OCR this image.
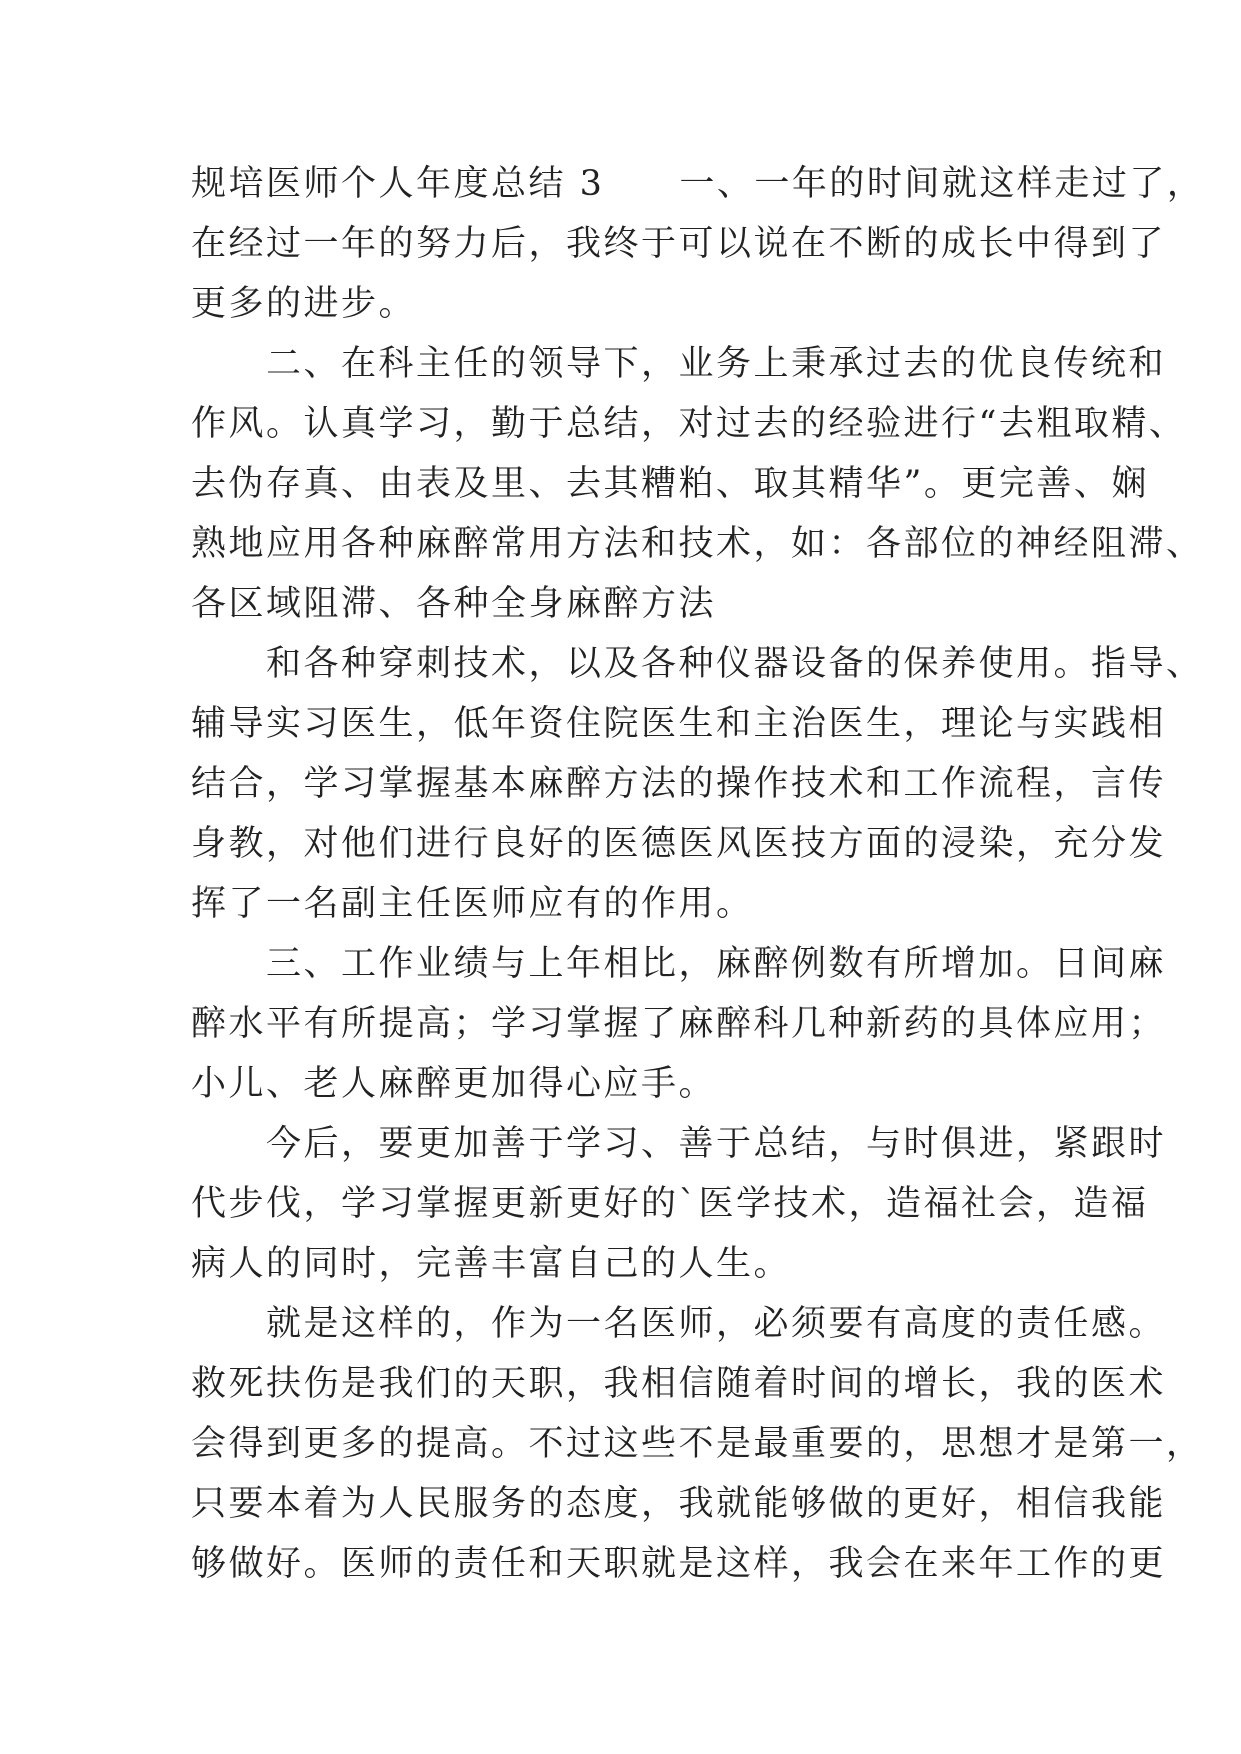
规培医师个人年度总结 3　　一、一年的时间就这样走过了，
在经过一年的努力后，我终于可以说在不断的成长中得到了
更多的进步。
　　二、在科主任的领导下，业务上秉承过去的优良传统和
作风。认真学习，勤于总结，对过去的经验进行“去粗取精、
去伪存真、由表及里、去其糟粕、取其精华”。更完善、娴
熟地应用各种麻醉常用方法和技术，如：各部位的神经阻滞、
各区域阻滞、各种全身麻醉方法
　　和各种穿刺技术，以及各种仪器设备的保养使用。指导、
辅导实习医生，低年资住院医生和主治医生，理论与实践相
结合，学习掌握基本麻醉方法的操作技术和工作流程，言传
身教，对他们进行良好的医德医风医技方面的浸染，充分发
挥了一名副主任医师应有的作用。
　　三、工作业绩与上年相比，麻醉例数有所增加。日间麻
醉水平有所提高；学习掌握了麻醉科几种新药的具体应用；
小儿、老人麻醉更加得心应手。
　　今后，要更加善于学习、善于总结，与时俱进，紧跟时
代步伐，学习掌握更新更好的`医学技术，造福社会，造福
病人的同时，完善丰富自己的人生。
　　就是这样的，作为一名医师，必须要有高度的责任感。
救死扶伤是我们的天职，我相信随着时间的增长，我的医术
会得到更多的提高。不过这些不是最重要的，思想才是第一，
只要本着为人民服务的态度，我就能够做的更好，相信我能
够做好。医师的责任和天职就是这样，我会在来年工作的更
